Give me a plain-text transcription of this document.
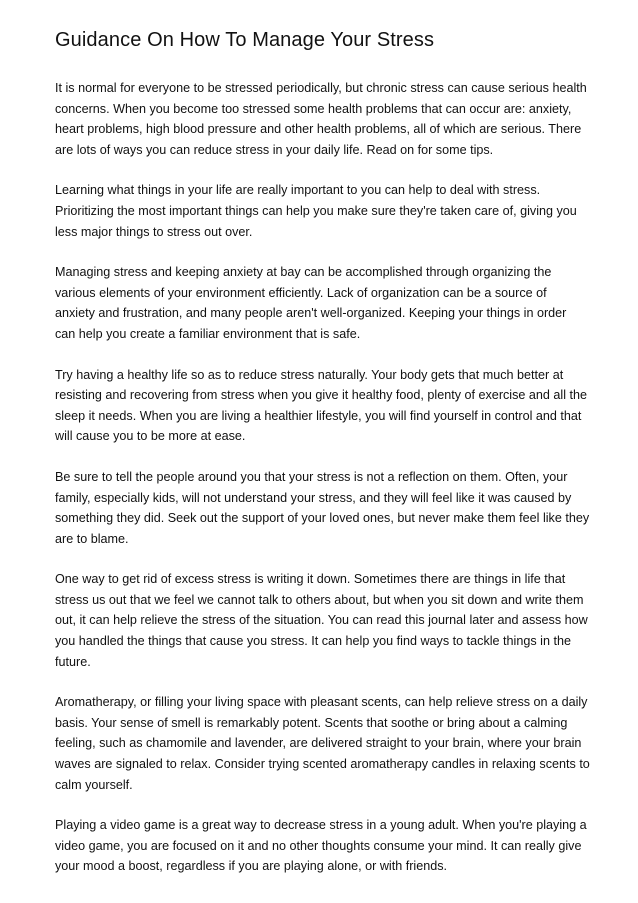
Guidance On How To Manage Your Stress

It is normal for everyone to be stressed periodically, but chronic stress can cause serious health concerns. When you become too stressed some health problems that can occur are: anxiety, heart problems, high blood pressure and other health problems, all of which are serious. There are lots of ways you can reduce stress in your daily life. Read on for some tips.

Learning what things in your life are really important to you can help to deal with stress. Prioritizing the most important things can help you make sure they're taken care of, giving you less major things to stress out over.

Managing stress and keeping anxiety at bay can be accomplished through organizing the various elements of your environment efficiently. Lack of organization can be a source of anxiety and frustration, and many people aren't well-organized. Keeping your things in order can help you create a familiar environment that is safe.

Try having a healthy life so as to reduce stress naturally. Your body gets that much better at resisting and recovering from stress when you give it healthy food, plenty of exercise and all the sleep it needs. When you are living a healthier lifestyle, you will find yourself in control and that will cause you to be more at ease.

Be sure to tell the people around you that your stress is not a reflection on them. Often, your family, especially kids, will not understand your stress, and they will feel like it was caused by something they did. Seek out the support of your loved ones, but never make them feel like they are to blame.

One way to get rid of excess stress is writing it down. Sometimes there are things in life that stress us out that we feel we cannot talk to others about, but when you sit down and write them out, it can help relieve the stress of the situation. You can read this journal later and assess how you handled the things that cause you stress. It can help you find ways to tackle things in the future.

Aromatherapy, or filling your living space with pleasant scents, can help relieve stress on a daily basis. Your sense of smell is remarkably potent. Scents that soothe or bring about a calming feeling, such as chamomile and lavender, are delivered straight to your brain, where your brain waves are signaled to relax. Consider trying scented aromatherapy candles in relaxing scents to calm yourself.

Playing a video game is a great way to decrease stress in a young adult. When you're playing a video game, you are focused on it and no other thoughts consume your mind. It can really give your mood a boost, regardless if you are playing alone, or with friends.
